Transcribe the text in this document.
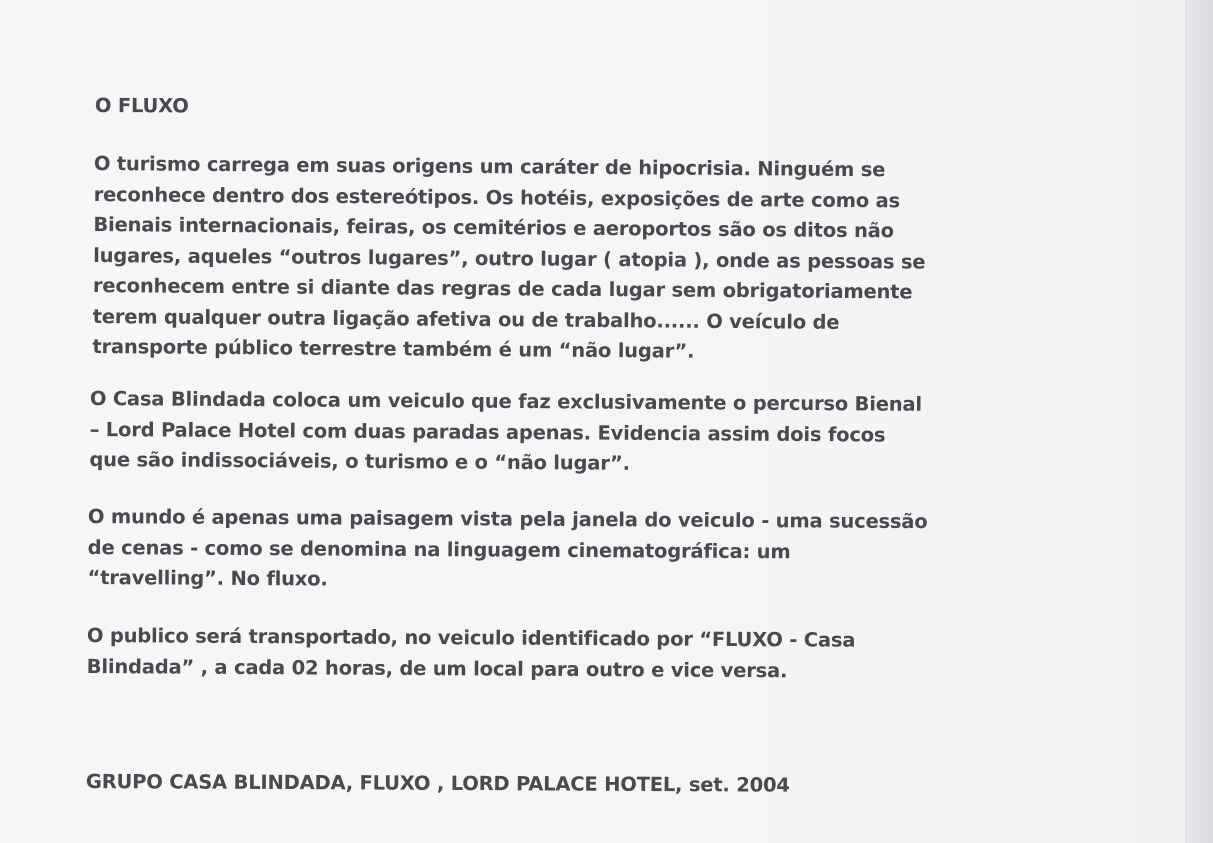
O FLUXO

O turismo carrega em suas origens um caráter de hipocrisia. Ninguém se
reconhece dentro dos estereótipos. Os hotéis, exposições de arte como as
Bienais internacionais, feiras, os cemitérios e aeroportos são os ditos não
lugares, aqueles “outros lugares”, outro lugar ( atopia ), onde as pessoas se
reconhecem entre si diante das regras de cada lugar sem obrigatoriamente
terem qualquer outra ligação afetiva ou de trabalho...... O veículo de
transporte público terrestre também é um “não lugar”.

O Casa Blindada coloca um veiculo que faz exclusivamente o percurso Bienal
– Lord Palace Hotel com duas paradas apenas. Evidencia assim dois focos
que são indissociáveis, o turismo e o “não lugar”.

O mundo é apenas uma paisagem vista pela janela do veiculo - uma sucessão
de cenas - como se denomina na linguagem cinematográfica: um
“travelling”. No fluxo.

O publico será transportado, no veiculo identificado por “FLUXO - Casa
Blindada” , a cada 02 horas, de um local para outro e vice versa.

GRUPO CASA BLINDADA, FLUXO , LORD PALACE HOTEL, set. 2004
